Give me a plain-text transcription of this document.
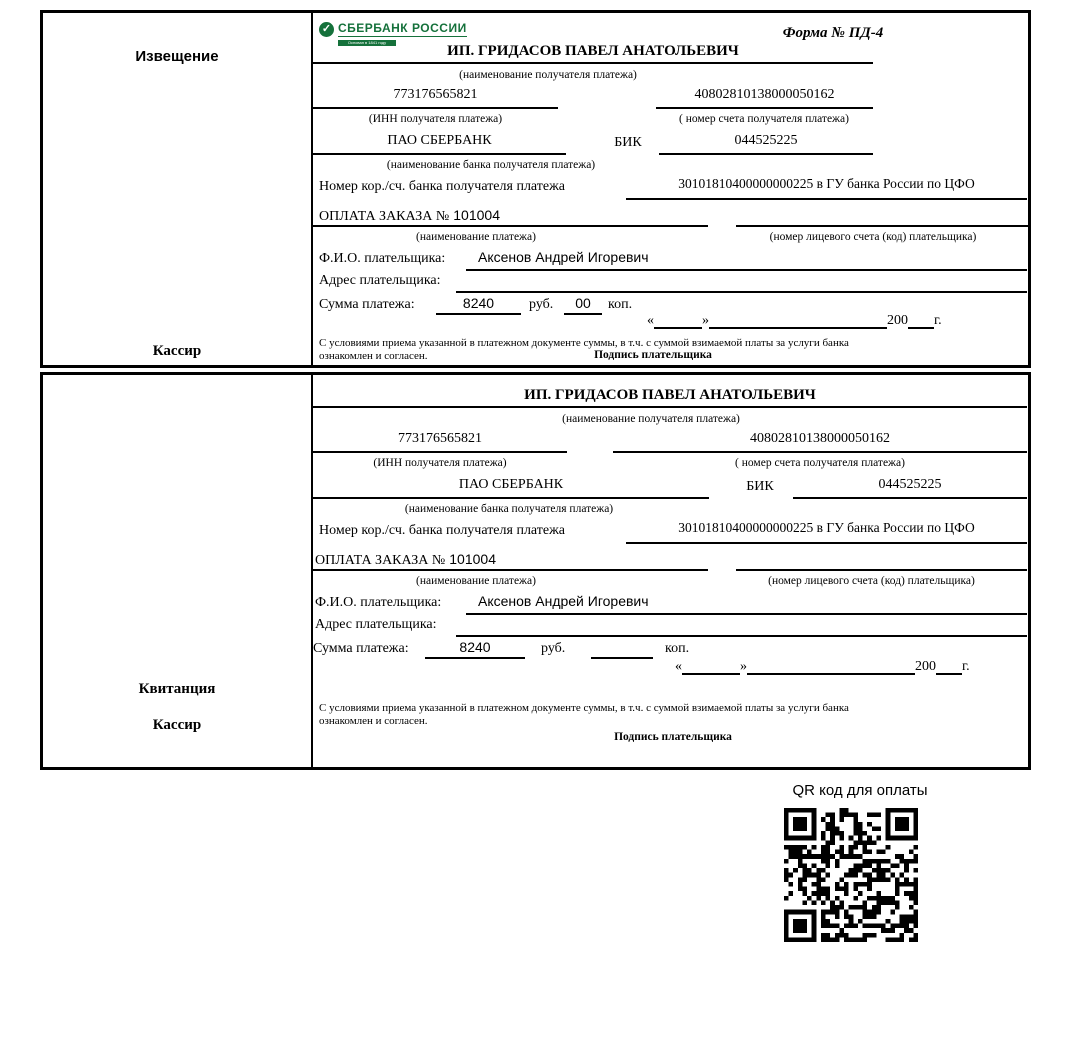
Извещение
Кассир
✓ СБЕРБАНК РОССИИ
Основан в 1841 году
Форма № ПД-4
ИП. ГРИДАСОВ ПАВЕЛ АНАТОЛЬЕВИЧ
(наименование получателя платежа)
773176565821	40802810138000050162
(ИНН получателя платежа)	( номер счета получателя платежа)
ПАО СБЕРБАНК	БИК	044525225
(наименование банка получателя платежа)
Номер кор./сч. банка получателя платежа	30101810400000000225 в ГУ банка России по ЦФО
ОПЛАТА ЗАКАЗА № 101004
(наименование платежа)	(номер лицевого счета (код) плательщика)
Ф.И.О. плательщика:	Аксенов Андрей Игоревич
Адрес плательщика:
Сумма платежа:	8240	руб.	00	коп.
«	»	200 г.
С условиями приема указанной в платежном документе суммы, в т.ч. с суммой взимаемой платы за услуги банка
ознакомлен и согласен.	Подпись плательщика
Квитанция
Кассир
ИП. ГРИДАСОВ ПАВЕЛ АНАТОЛЬЕВИЧ
(наименование получателя платежа)
773176565821	40802810138000050162
(ИНН получателя платежа)	( номер счета получателя платежа)
ПАО СБЕРБАНК	БИК	044525225
(наименование банка получателя платежа)
Номер кор./сч. банка получателя платежа	30101810400000000225 в ГУ банка России по ЦФО
ОПЛАТА ЗАКАЗА № 101004
(наименование платежа)	(номер лицевого счета (код) плательщика)
Ф.И.О. плательщика:	Аксенов Андрей Игоревич
Адрес плательщика:
Сумма платежа:	8240	руб.	коп.
«	»	200 г.
С условиями приема указанной в платежном документе суммы, в т.ч. с суммой взимаемой платы за услуги банка
ознакомлен и согласен.
Подпись плательщика
QR код для оплаты
